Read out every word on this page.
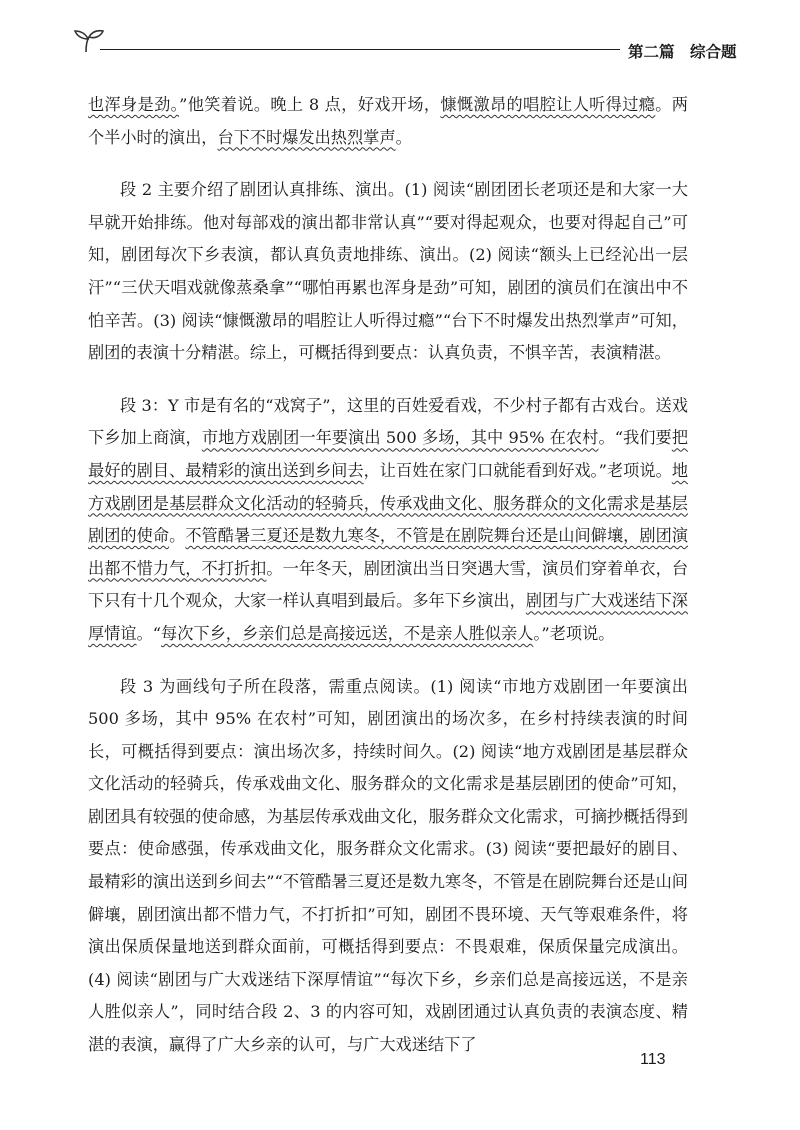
第二篇　综合题

也浑身是劲。”他笑着说。晚上 8 点，好戏开场，慷慨激昂的唱腔让人听得过瘾。两个半小时的演出，台下不时爆发出热烈掌声。

段 2 主要介绍了剧团认真排练、演出。(1) 阅读“剧团团长老项还是和大家一大早就开始排练。他对每部戏的演出都非常认真”“要对得起观众，也要对得起自己”可知，剧团每次下乡表演，都认真负责地排练、演出。(2) 阅读“额头上已经沁出一层汗”“三伏天唱戏就像蒸桑拿”“哪怕再累也浑身是劲”可知，剧团的演员们在演出中不怕辛苦。(3) 阅读“慷慨激昂的唱腔让人听得过瘾”“台下不时爆发出热烈掌声”可知，剧团的表演十分精湛。综上，可概括得到要点：认真负责，不惧辛苦，表演精湛。

段 3：Y 市是有名的“戏窝子”，这里的百姓爱看戏，不少村子都有古戏台。送戏下乡加上商演，市地方戏剧团一年要演出 500 多场，其中 95% 在农村。“我们要把最好的剧目、最精彩的演出送到乡间去，让百姓在家门口就能看到好戏。”老项说。地方戏剧团是基层群众文化活动的轻骑兵，传承戏曲文化、服务群众的文化需求是基层剧团的使命。不管酷暑三夏还是数九寒冬，不管是在剧院舞台还是山间僻壤，剧团演出都不惜力气，不打折扣。一年冬天，剧团演出当日突遇大雪，演员们穿着单衣，台下只有十几个观众，大家一样认真唱到最后。多年下乡演出，剧团与广大戏迷结下深厚情谊。“每次下乡，乡亲们总是高接远送，不是亲人胜似亲人。”老项说。

段 3 为画线句子所在段落，需重点阅读。(1) 阅读“市地方戏剧团一年要演出 500 多场，其中 95% 在农村”可知，剧团演出的场次多，在乡村持续表演的时间长，可概括得到要点：演出场次多，持续时间久。(2) 阅读“地方戏剧团是基层群众文化活动的轻骑兵，传承戏曲文化、服务群众的文化需求是基层剧团的使命”可知，剧团具有较强的使命感，为基层传承戏曲文化，服务群众文化需求，可摘抄概括得到要点：使命感强，传承戏曲文化，服务群众文化需求。(3) 阅读“要把最好的剧目、最精彩的演出送到乡间去”“不管酷暑三夏还是数九寒冬，不管是在剧院舞台还是山间僻壤，剧团演出都不惜力气，不打折扣”可知，剧团不畏环境、天气等艰难条件，将演出保质保量地送到群众面前，可概括得到要点：不畏艰难，保质保量完成演出。(4) 阅读“剧团与广大戏迷结下深厚情谊”“每次下乡，乡亲们总是高接远送，不是亲人胜似亲人”，同时结合段 2、3 的内容可知，戏剧团通过认真负责的表演态度、精湛的表演，赢得了广大乡亲的认可，与广大戏迷结下了

113
